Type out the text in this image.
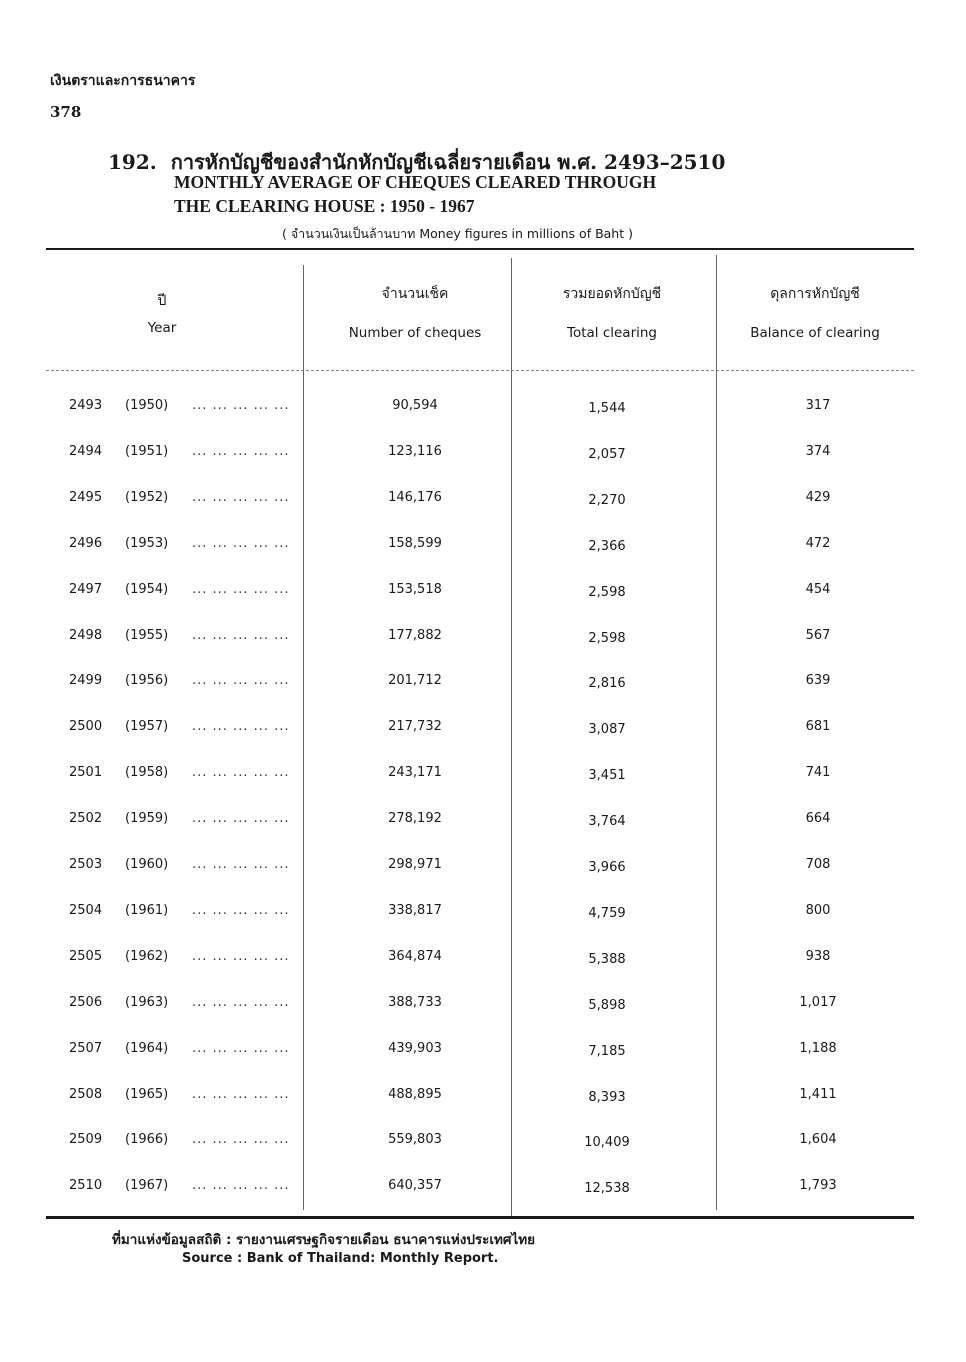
เงินตราและการธนาคาร
378
192. การหักบัญชีของสำนักหักบัญชีเฉลี่ยรายเดือน พ.ศ. 2493–2510
MONTHLY AVERAGE OF CHEQUES CLEARED THROUGH
THE CLEARING HOUSE : 1950 - 1967
( จำนวนเงินเป็นล้านบาท Money figures in millions of Baht )
ปี
Year
จำนวนเช็ค
Number of cheques
รวมยอดหักบัญชี
Total clearing
ดุลการหักบัญชี
Balance of clearing
2493 (1950) ... ... ... ... ...	90,594	1,544	317
2494 (1951) ... ... ... ... ...	123,116	2,057	374
2495 (1952) ... ... ... ... ...	146,176	2,270	429
2496 (1953) ... ... ... ... ...	158,599	2,366	472
2497 (1954) ... ... ... ... ...	153,518	2,598	454
2498 (1955) ... ... ... ... ...	177,882	2,598	567
2499 (1956) ... ... ... ... ...	201,712	2,816	639
2500 (1957) ... ... ... ... ...	217,732	3,087	681
2501 (1958) ... ... ... ... ...	243,171	3,451	741
2502 (1959) ... ... ... ... ...	278,192	3,764	664
2503 (1960) ... ... ... ... ...	298,971	3,966	708
2504 (1961) ... ... ... ... ...	338,817	4,759	800
2505 (1962) ... ... ... ... ...	364,874	5,388	938
2506 (1963) ... ... ... ... ...	388,733	5,898	1,017
2507 (1964) ... ... ... ... ...	439,903	7,185	1,188
2508 (1965) ... ... ... ... ...	488,895	8,393	1,411
2509 (1966) ... ... ... ... ...	559,803	10,409	1,604
2510 (1967) ... ... ... ... ...	640,357	12,538	1,793
ที่มาแห่งข้อมูลสถิติ : รายงานเศรษฐกิจรายเดือน ธนาคารแห่งประเทศไทย
Source : Bank of Thailand: Monthly Report.
